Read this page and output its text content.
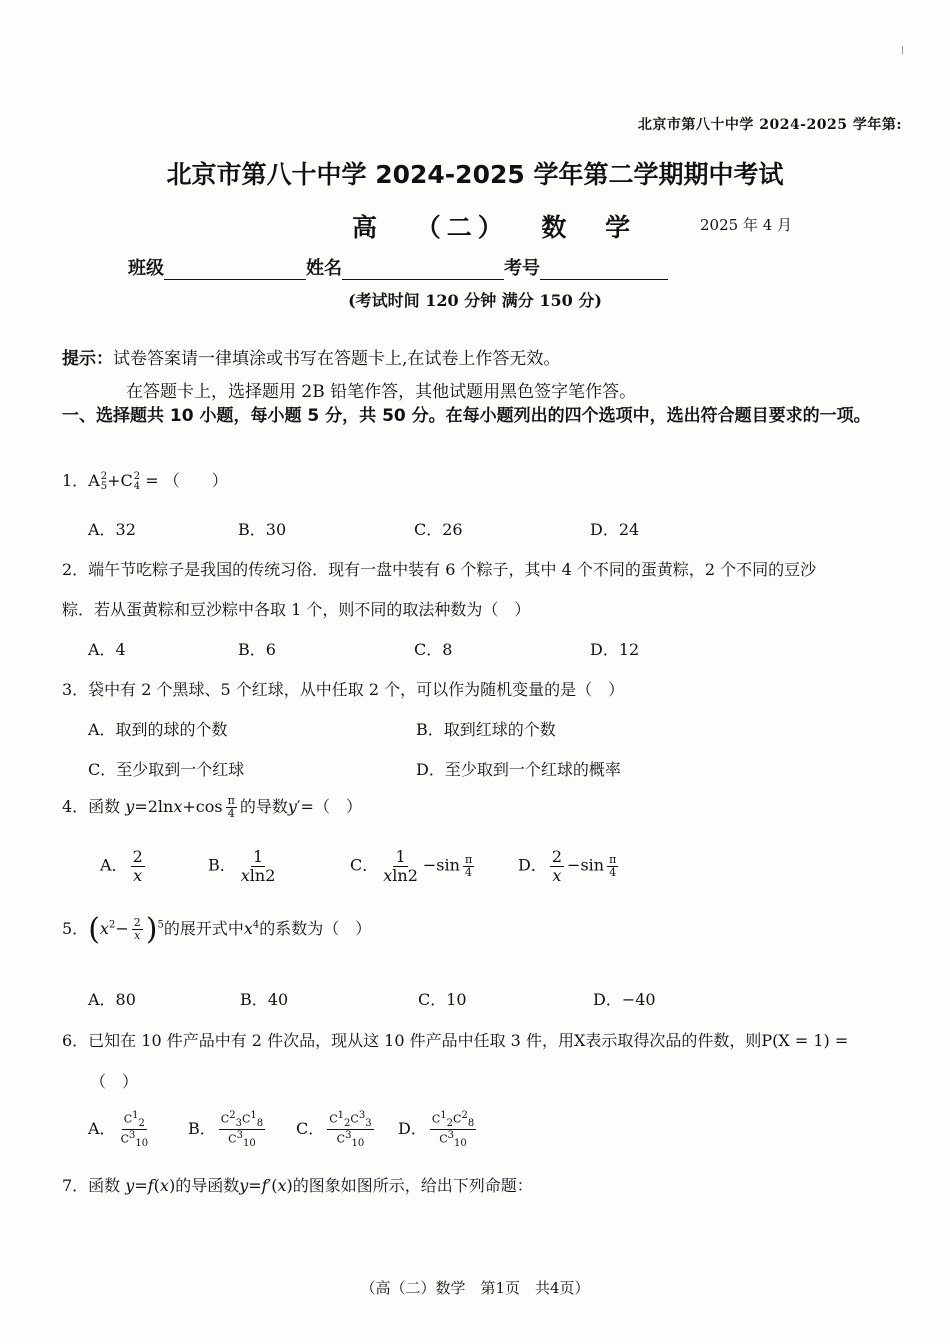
北京市第八十中学 2024-2025 学年第:
北京市第八十中学 2024-2025 学年第二学期期中考试
高 （二） 数 学	2025 年 4 月
班级	姓名	考号
(考试时间 120 分钟 满分 150 分)
提示：试卷答案请一律填涂或书写在答题卡上,在试卷上作答无效。
在答题卡上，选择题用 2B 铅笔作答，其他试题用黑色签字笔作答。
一、选择题共 10 小题，每小题 5 分，共 50 分。在每小题列出的四个选项中，选出符合题目要求的一项。
1．A 2
5 +C 2
4 = （　　）
A．32	B．30	C．26	D．24
2．端午节吃粽子是我国的传统习俗．现有一盘中装有 6 个粽子，其中 4 个不同的蛋黄粽，2 个不同的豆沙
粽．若从蛋黄粽和豆沙粽中各取 1 个，则不同的取法种数为（　）
A．4	B．6	C．8	D．12
3．袋中有 2 个黑球、5 个红球，从中任取 2 个，可以作为随机变量的是（　）
A．取到的球的个数	B．取到红球的个数
C．至少取到一个红球	D．至少取到一个红球的概率
4．函数 $y=2\ln x+\cos \frac{\pi}{4}$ 的导数y′=（　）
A． $\frac{2}{x}$	B． $\frac{1}{xln2}$	C． $\frac{1}{xln2} -\sin \frac{\pi}{4}$	D． $\frac{2}{x} -\sin \frac{\pi}{4}$
5．$(x^2- \frac{2}{x} )^5$的展开式中$x^4$的系数为（　）
A．80	B．40	C．10	D．−40
6．已知在 10 件产品中有 2 件次品，现从这 10 件产品中任取 3 件，用X表示取得次品的件数，则P(X = 1) =
（　）
A． $\frac{C^1_2}{C^3_{10}}$ B． $\frac{C^2_3C^1_8}{C^3_{10}}$ C． $\frac{C^1_2C^3_3}{C^3_{10}}$ D． $\frac{C^1_2C^2_8}{C^3_{10}}$
7．函数 y=f(x)的导函数y=f′(x)的图象如图所示，给出下列命题：
（高（二）数学　第1页　共4页）
